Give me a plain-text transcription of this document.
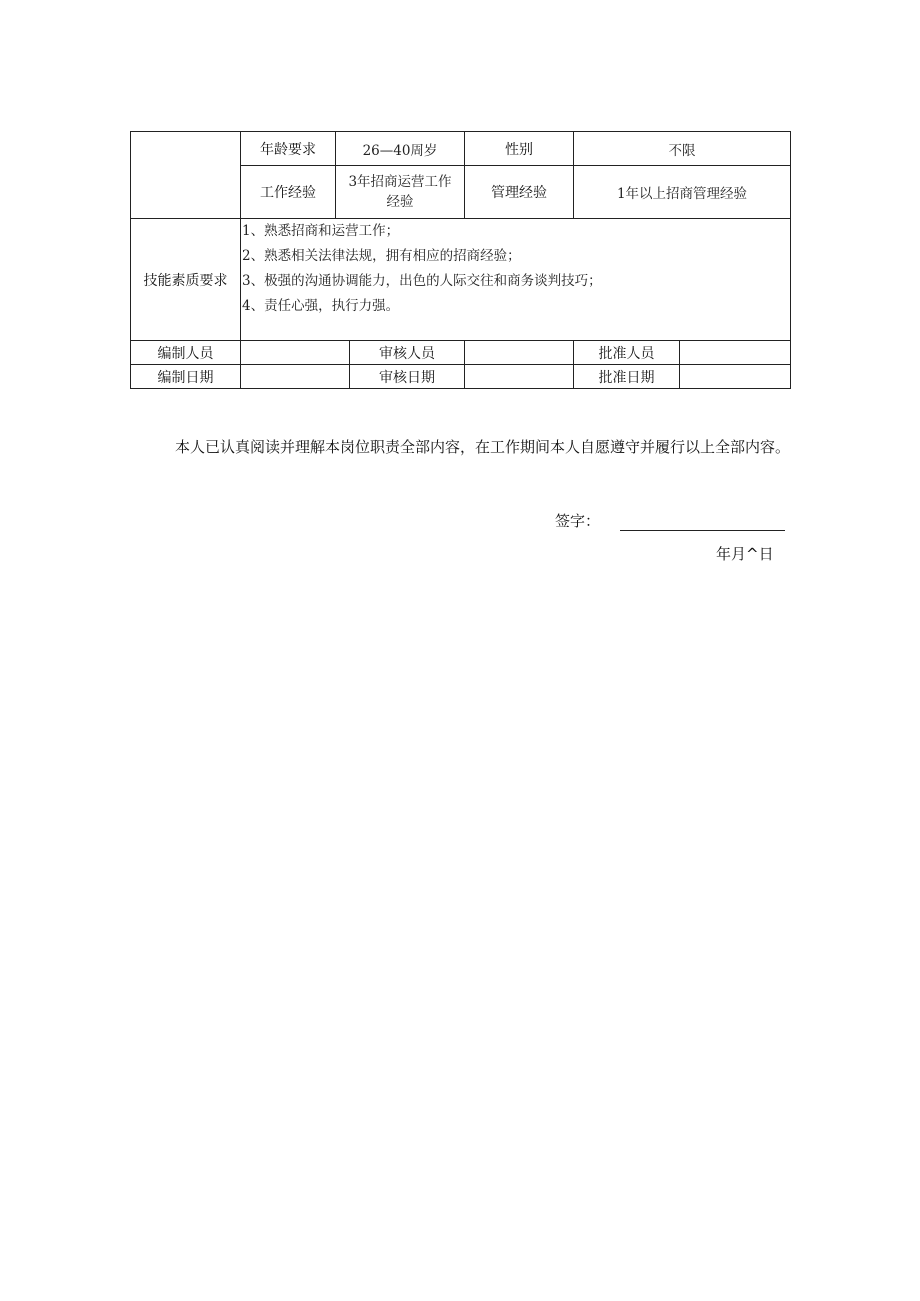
	年龄要求	26—40周岁		性别	不限	
	工作经验	3年招商运营工作经验		管理经验	1年以上招商管理经验	
技能素质要求	1、熟悉招商和运营工作；
2、熟悉相关法律法规，拥有相应的招商经验；
3、极强的沟通协调能力，出色的人际交往和商务谈判技巧；
4、责任心强，执行力强。					

编制人员			审核人员		批准人员	
编制日期			审核日期		批准日期	

本人已认真阅读并理解本岗位职责全部内容，在工作期间本人自愿遵守并履行以上全部内容。

签字：
年月^日
